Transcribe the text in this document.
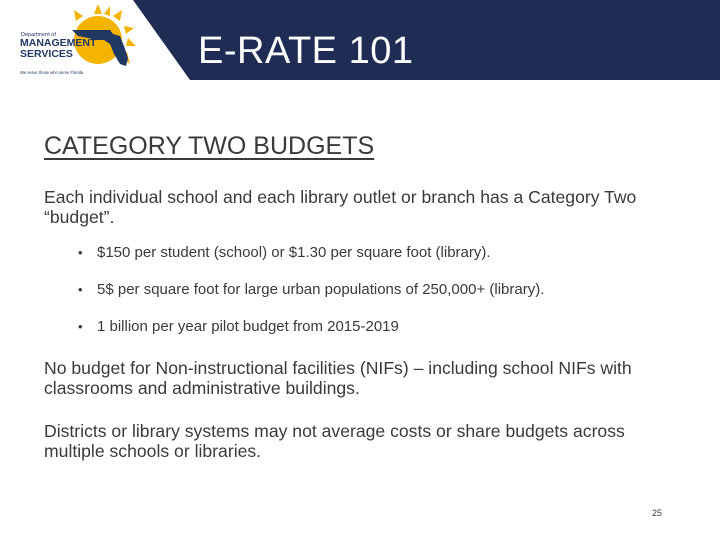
Department of
MANAGEMENT
SERVICES
We serve those who serve Florida
E-RATE 101
CATEGORY TWO BUDGETS
Each individual school and each library outlet or branch has a Category Two “budget”.
• $150 per student (school) or $1.30 per square foot (library).
• 5$ per square foot for large urban populations of 250,000+ (library).
• 1 billion per year pilot budget from 2015-2019
No budget for Non-instructional facilities (NIFs) – including school NIFs with classrooms and administrative buildings.
Districts or library systems may not average costs or share budgets across multiple schools or libraries.
25
